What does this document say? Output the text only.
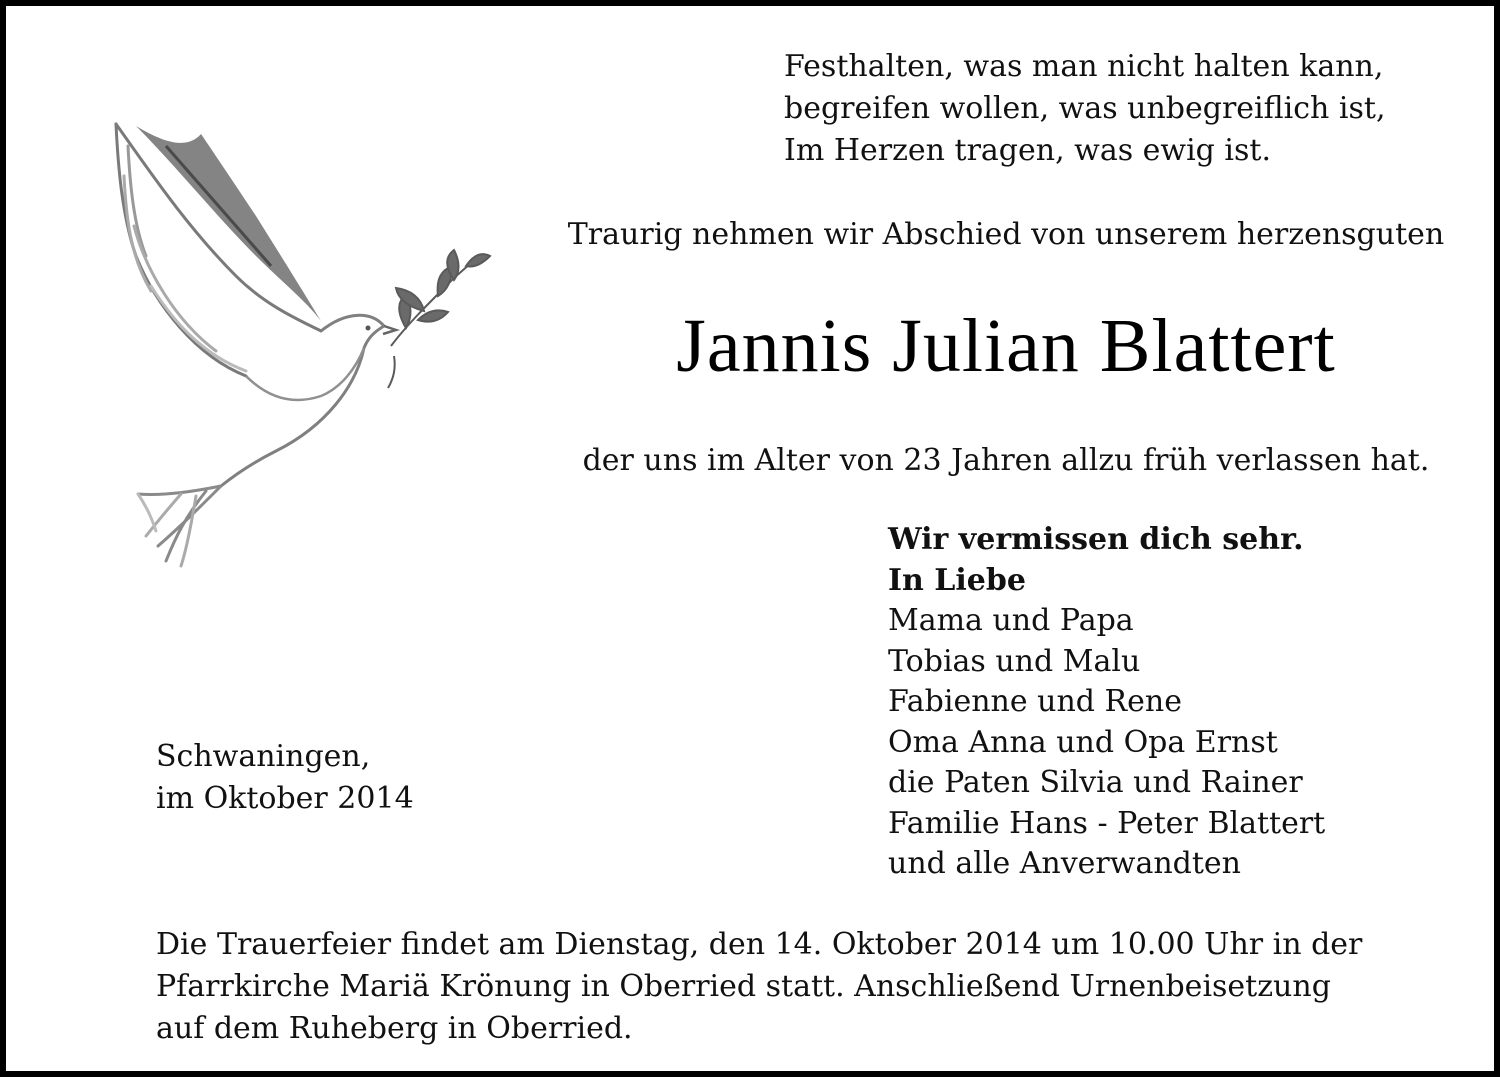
Festhalten, was man nicht halten kann,
begreifen wollen, was unbegreiflich ist,
Im Herzen tragen, was ewig ist.
Traurig nehmen wir Abschied von unserem herzensguten
Jannis Julian Blattert
der uns im Alter von 23 Jahren allzu früh verlassen hat.
Wir vermissen dich sehr.
In Liebe
Mama und Papa
Tobias und Malu
Fabienne und Rene
Oma Anna und Opa Ernst
die Paten Silvia und Rainer
Familie Hans - Peter Blattert
und alle Anverwandten
Schwaningen,
im Oktober 2014
Die Trauerfeier findet am Dienstag, den 14. Oktober 2014 um 10.00 Uhr in der
Pfarrkirche Mariä Krönung in Oberried statt. Anschließend Urnenbeisetzung
auf dem Ruheberg in Oberried.
